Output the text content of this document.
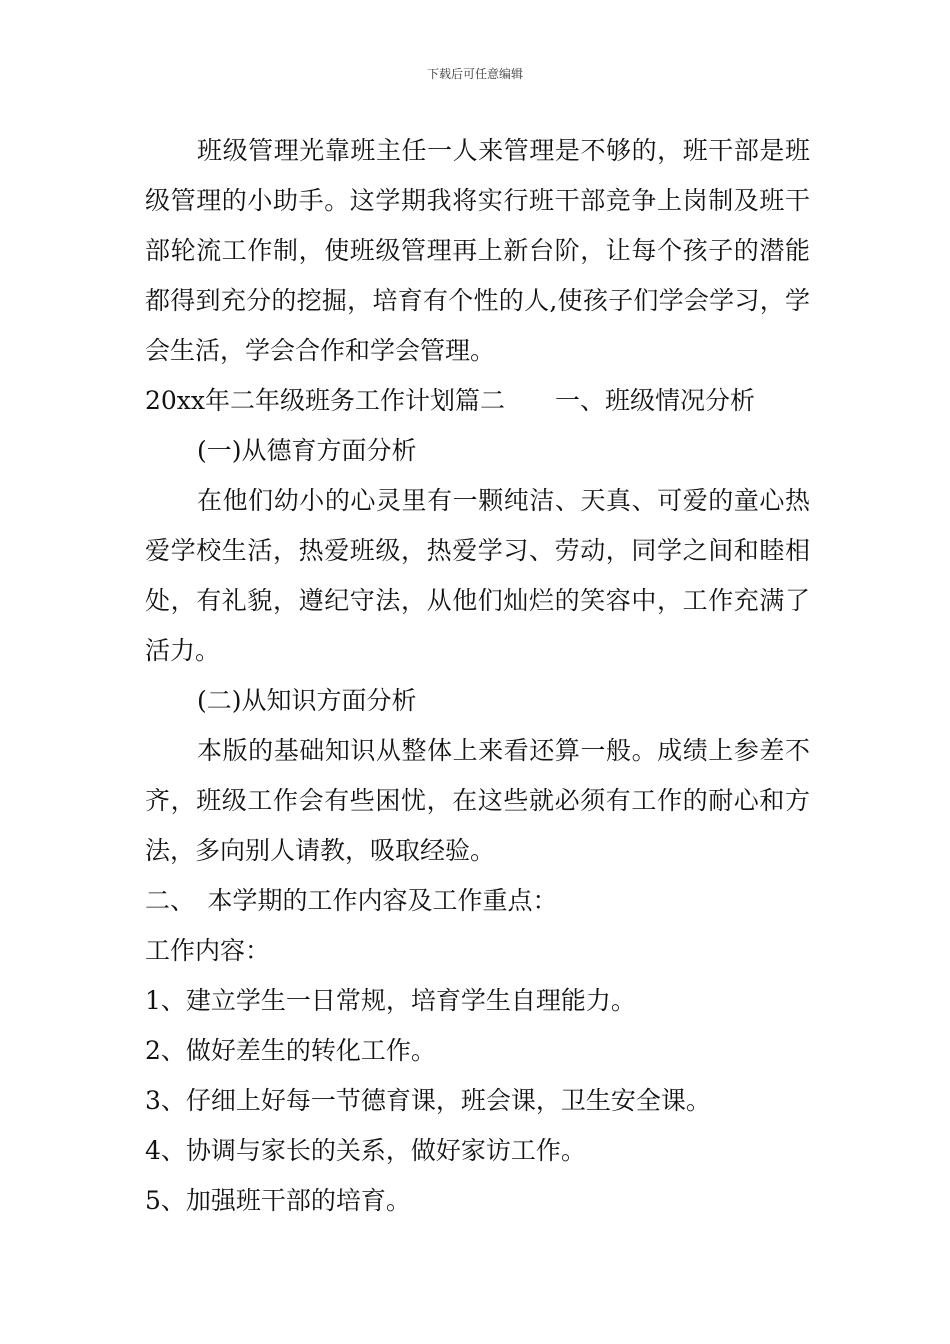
下载后可任意编辑

班级管理光靠班主任一人来管理是不够的，班干部是班级管理的小助手。这学期我将实行班干部竞争上岗制及班干部轮流工作制，使班级管理再上新台阶，让每个孩子的潜能都得到充分的挖掘，培育有个性的人,使孩子们学会学习，学会生活，学会合作和学会管理。

20xx年二年级班务工作计划篇二　　一、班级情况分析

(一)从德育方面分析

在他们幼小的心灵里有一颗纯洁、天真、可爱的童心热爱学校生活，热爱班级，热爱学习、劳动，同学之间和睦相处，有礼貌，遵纪守法，从他们灿烂的笑容中，工作充满了活力。

(二)从知识方面分析

本版的基础知识从整体上来看还算一般。成绩上参差不齐，班级工作会有些困忧，在这些就必须有工作的耐心和方法，多向别人请教，吸取经验。

二、　本学期的工作内容及工作重点：

工作内容：

1、建立学生一日常规，培育学生自理能力。

2、做好差生的转化工作。

3、仔细上好每一节德育课，班会课，卫生安全课。

4、协调与家长的关系，做好家访工作。

5、加强班干部的培育。
